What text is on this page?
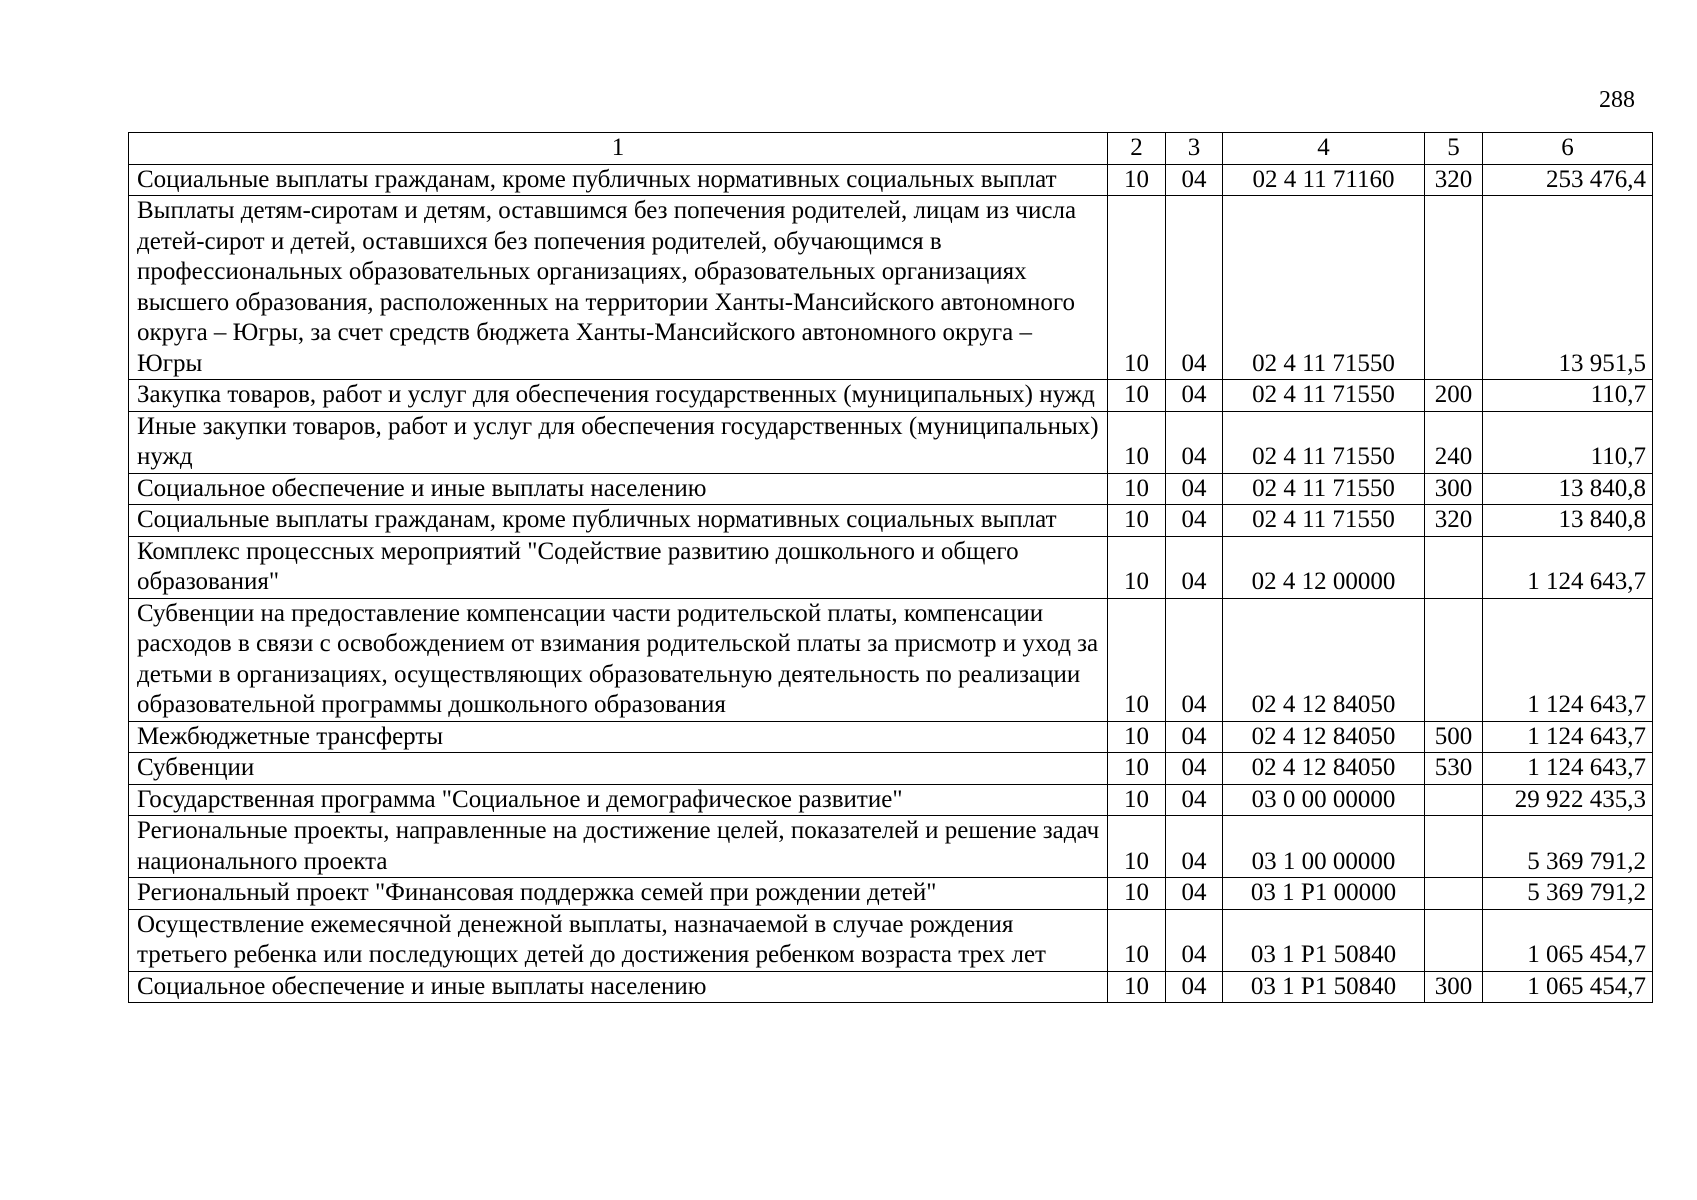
288
1	2	3	4	5	6
Социальные выплаты гражданам, кроме публичных нормативных социальных выплат	10	04	02 4 11 71160	320	253 476,4
Выплаты детям-сиротам и детям, оставшимся без попечения родителей, лицам из числа детей-сирот и детей, оставшихся без попечения родителей, обучающимся в профессиональных образовательных организациях, образовательных организациях высшего образования, расположенных на территории Ханты-Мансийского автономного округа – Югры, за счет средств бюджета Ханты-Мансийского автономного округа – Югры	10	04	02 4 11 71550		13 951,5
Закупка товаров, работ и услуг для обеспечения государственных (муниципальных) нужд	10	04	02 4 11 71550	200	110,7
Иные закупки товаров, работ и услуг для обеспечения государственных (муниципальных) нужд	10	04	02 4 11 71550	240	110,7
Социальное обеспечение и иные выплаты населению	10	04	02 4 11 71550	300	13 840,8
Социальные выплаты гражданам, кроме публичных нормативных социальных выплат	10	04	02 4 11 71550	320	13 840,8
Комплекс процессных мероприятий "Содействие развитию дошкольного и общего образования"	10	04	02 4 12 00000		1 124 643,7
Субвенции на предоставление компенсации части родительской платы, компенсации расходов в связи с освобождением от взимания родительской платы за присмотр и уход за детьми в организациях, осуществляющих образовательную деятельность по реализации образовательной программы дошкольного образования	10	04	02 4 12 84050		1 124 643,7
Межбюджетные трансферты	10	04	02 4 12 84050	500	1 124 643,7
Субвенции	10	04	02 4 12 84050	530	1 124 643,7
Государственная программа "Социальное и демографическое развитие"	10	04	03 0 00 00000		29 922 435,3
Региональные проекты, направленные на достижение целей, показателей и решение задач национального проекта	10	04	03 1 00 00000		5 369 791,2
Региональный проект "Финансовая поддержка семей при рождении детей"	10	04	03 1 Р1 00000		5 369 791,2
Осуществление ежемесячной денежной выплаты, назначаемой в случае рождения третьего ребенка или последующих детей до достижения ребенком возраста трех лет	10	04	03 1 Р1 50840		1 065 454,7
Социальное обеспечение и иные выплаты населению	10	04	03 1 Р1 50840	300	1 065 454,7
